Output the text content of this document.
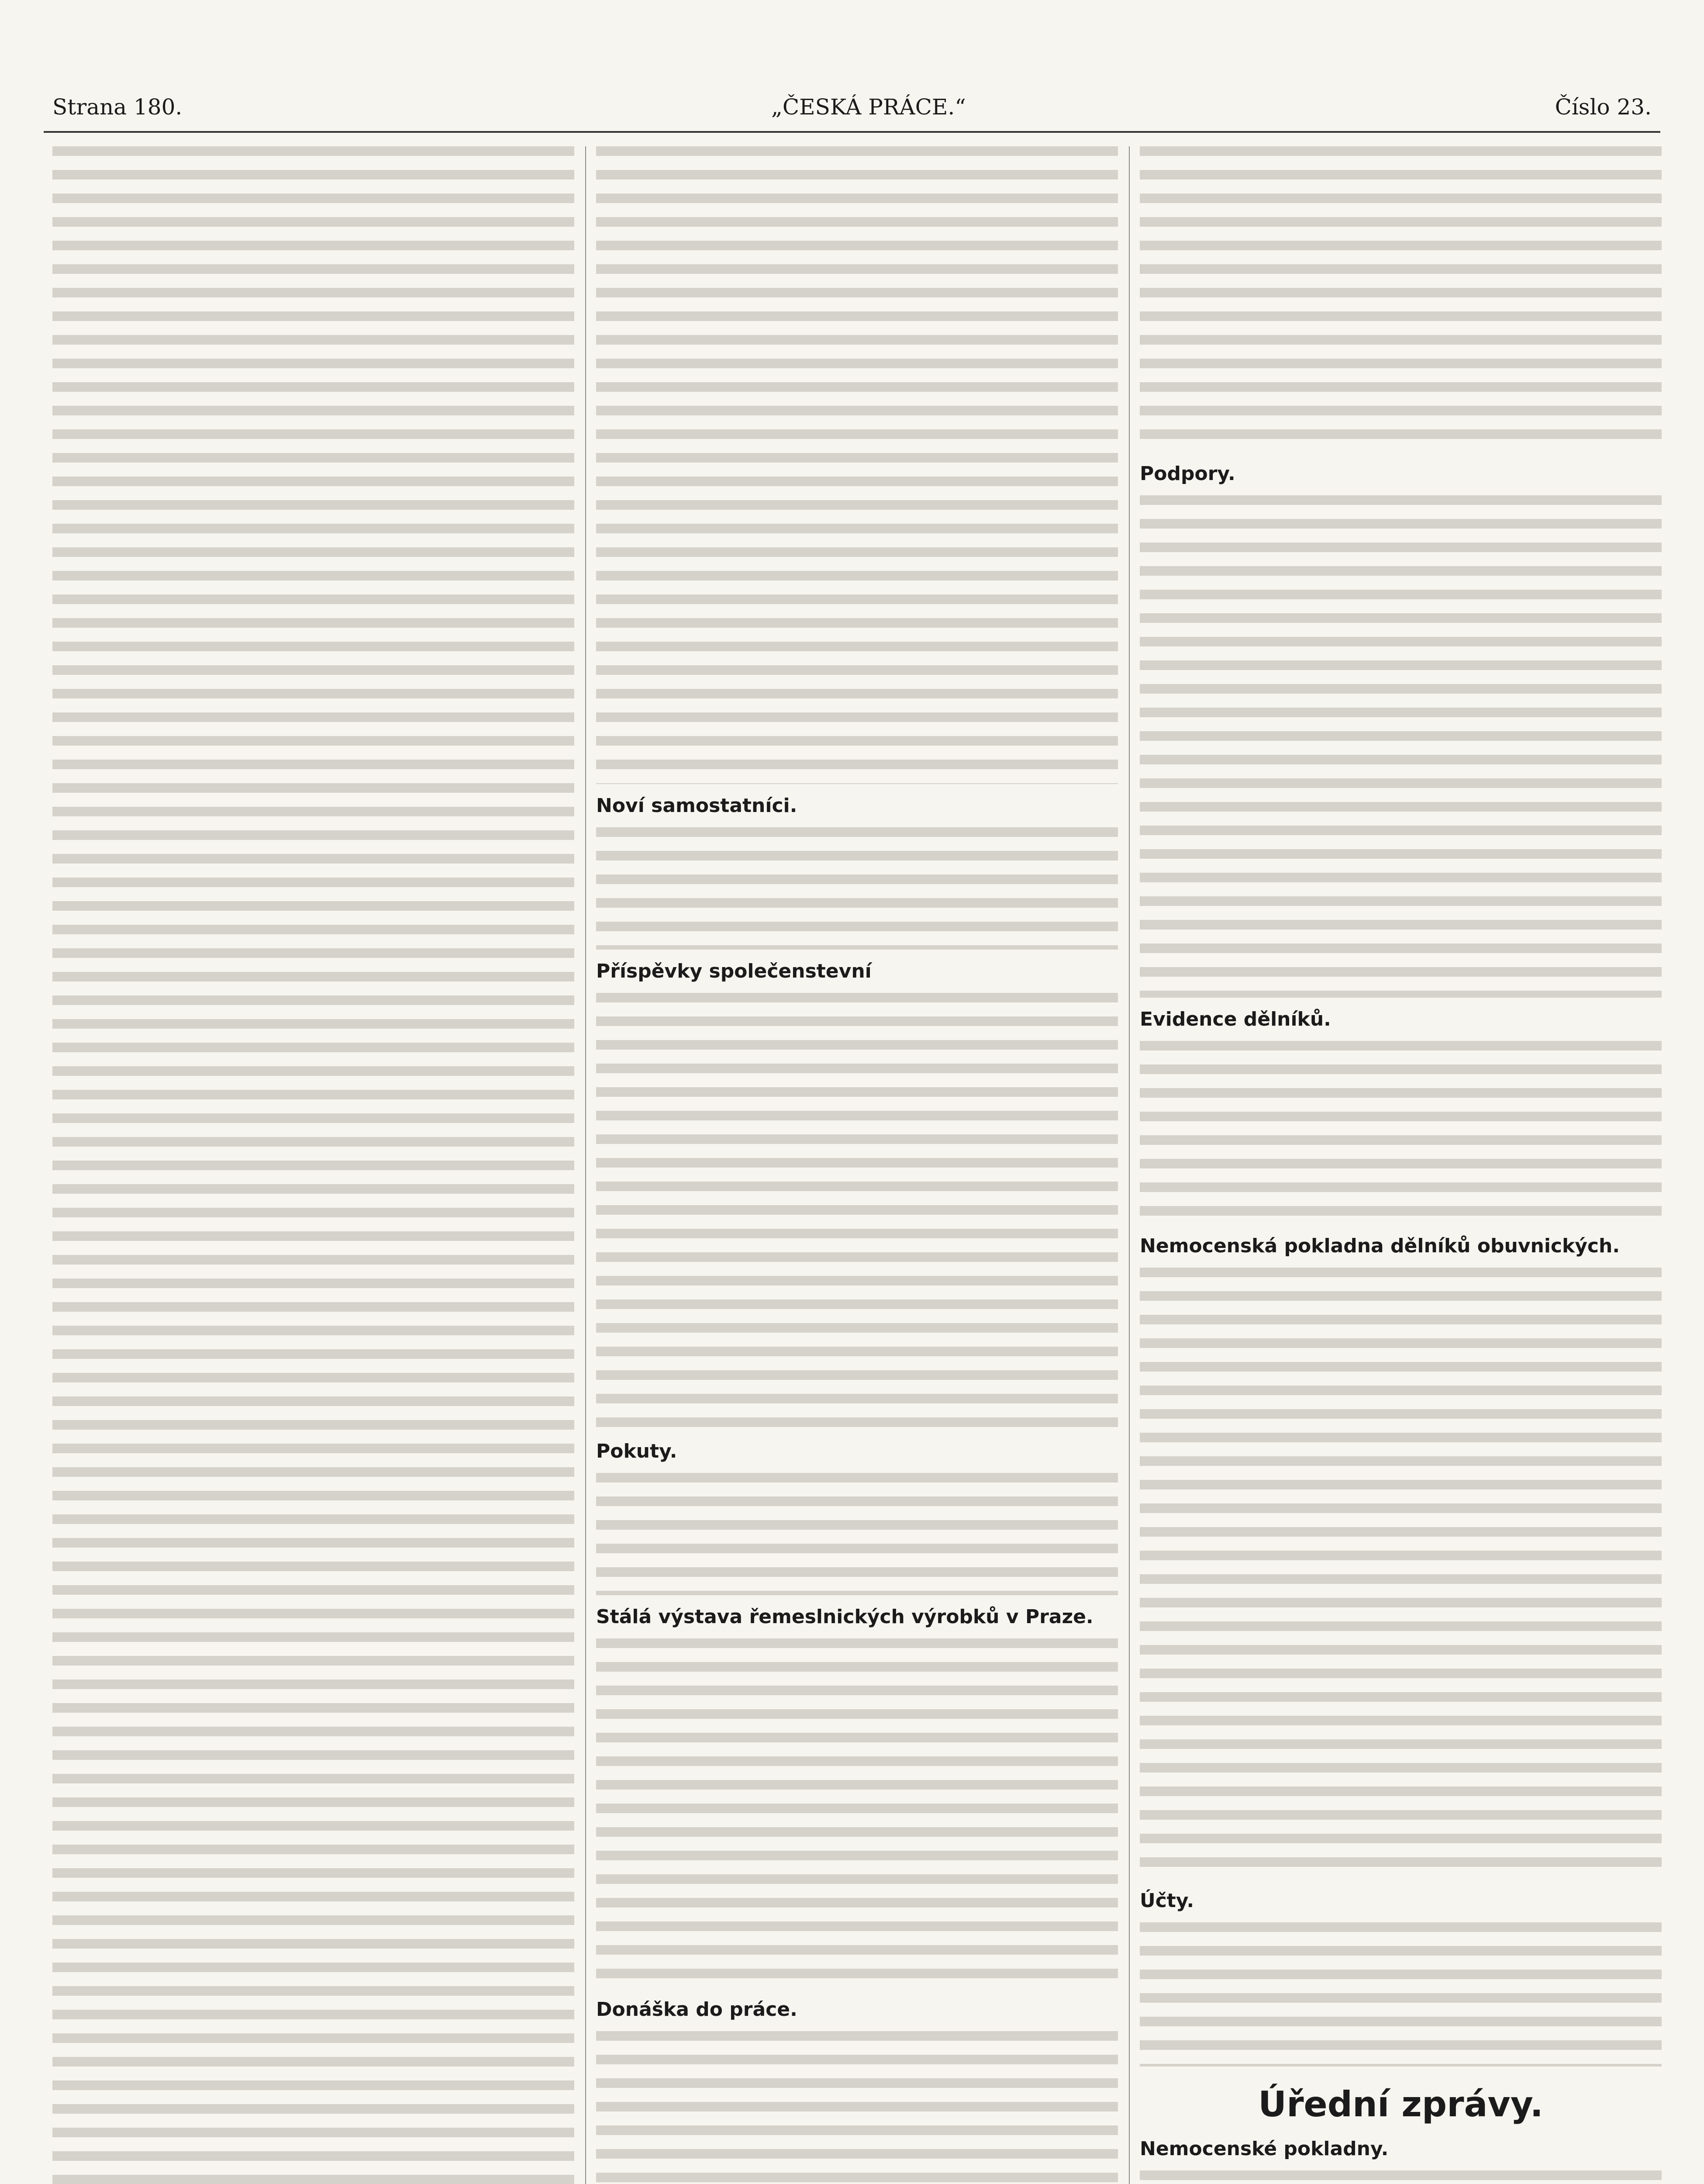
Strana 180.	„ČESKÁ PRÁCE.“	Číslo 23.
Noví samostatníci.
Příspěvky společenstevní
Pokuty.
Stálá výstava řemeslnických výrobků v Praze.
Donáška do práce.
Podpory.
Evidence dělníků.
Nemocenská pokladna dělníků obuvnických.
Účty.
Úřední zprávy.
Nemocenské pokladny.
